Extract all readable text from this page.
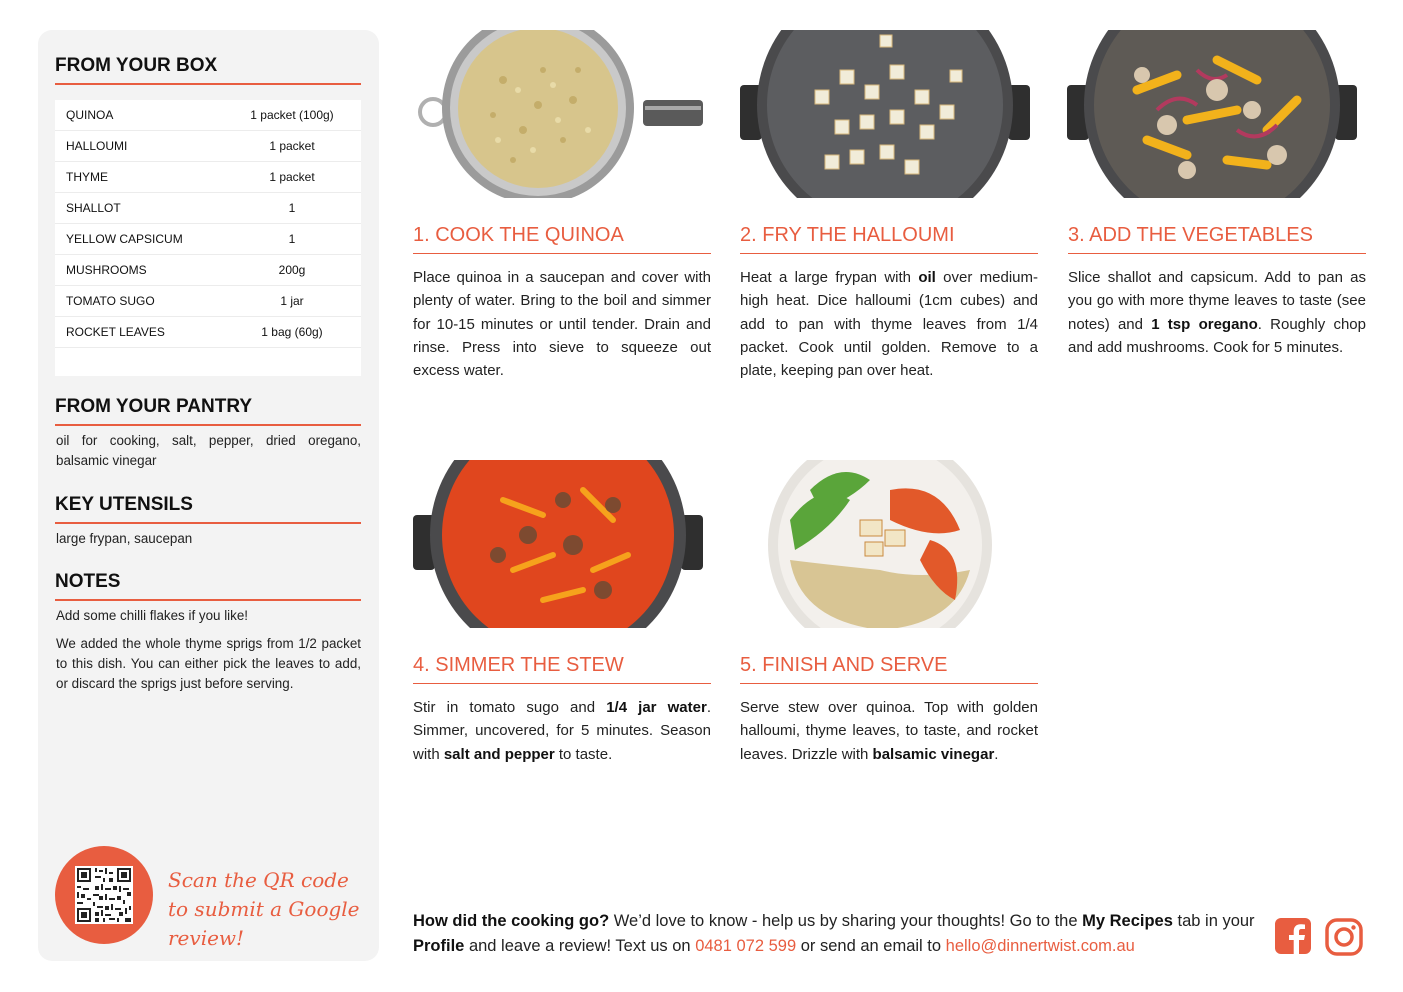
FROM YOUR BOX
QUINOA	1 packet (100g)
HALLOUMI	1 packet
THYME	1 packet
SHALLOT	1
YELLOW CAPSICUM	1
MUSHROOMS	200g
TOMATO SUGO	1 jar
ROCKET LEAVES	1 bag (60g)
FROM YOUR PANTRY
oil for cooking, salt, pepper, dried oregano, balsamic vinegar
KEY UTENSILS
large frypan, saucepan
NOTES
Add some chilli flakes if you like!
We added the whole thyme sprigs from 1/2 packet to this dish. You can either pick the leaves to add, or discard the sprigs just before serving.
Scan the QR code to submit a Google review!
1. COOK THE QUINOA	2. FRY THE HALLOUMI	3. ADD THE VEGETABLES
4. SIMMER THE STEW	5. FINISH AND SERVE
Place quinoa in a saucepan and cover with plenty of water. Bring to the boil and simmer for 10-15 minutes or until tender. Drain and rinse. Press into sieve to squeeze out excess water.
Heat a large frypan with oil over medium-high heat. Dice halloumi (1cm cubes) and add to pan with thyme leaves from 1/4 packet. Cook until golden. Remove to a plate, keeping pan over heat.
Slice shallot and capsicum. Add to pan as you go with more thyme leaves to taste (see notes) and 1 tsp oregano. Roughly chop and add mushrooms. Cook for 5 minutes.
Stir in tomato sugo and 1/4 jar water. Simmer, uncovered, for 5 minutes. Season with salt and pepper to taste.
Serve stew over quinoa. Top with golden halloumi, thyme leaves, to taste, and rocket leaves. Drizzle with balsamic vinegar.
How did the cooking go? We’d love to know - help us by sharing your thoughts! Go to the My Recipes tab in your Profile and leave a review! Text us on 0481 072 599 or send an email to hello@dinnertwist.com.au
